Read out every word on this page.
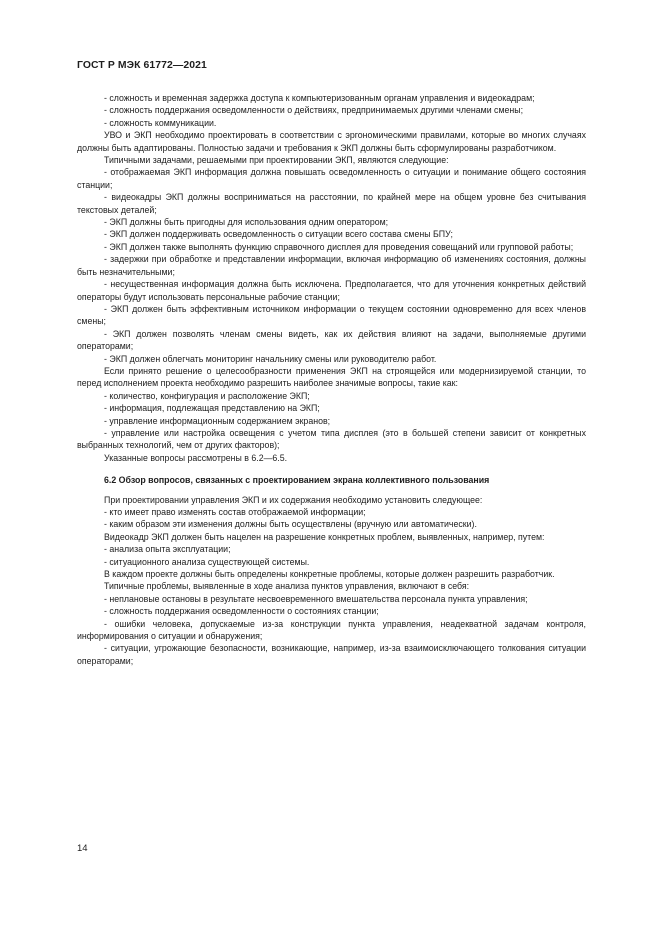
ГОСТ Р МЭК 61772—2021

- сложность и временная задержка доступа к компьютеризованным органам управления и видеокадрам;

- сложность поддержания осведомленности о действиях, предпринимаемых другими членами смены;

- сложность коммуникации.

УВО и ЭКП необходимо проектировать в соответствии с эргономическими правилами, которые во многих случаях должны быть адаптированы. Полностью задачи и требования к ЭКП должны быть сформулированы разработчиком.

Типичными задачами, решаемыми при проектировании ЭКП, являются следующие:

- отображаемая ЭКП информация должна повышать осведомленность о ситуации и понимание общего состояния станции;

- видеокадры ЭКП должны восприниматься на расстоянии, по крайней мере на общем уровне без считывания текстовых деталей;

- ЭКП должны быть пригодны для использования одним оператором;

- ЭКП должен поддерживать осведомленность о ситуации всего состава смены БПУ;

- ЭКП должен также выполнять функцию справочного дисплея для проведения совещаний или групповой работы;

- задержки при обработке и представлении информации, включая информацию об изменениях состояния, должны быть незначительными;

- несущественная информация должна быть исключена. Предполагается, что для уточнения конкретных действий операторы будут использовать персональные рабочие станции;

- ЭКП должен быть эффективным источником информации о текущем состоянии одновременно для всех членов смены;

- ЭКП должен позволять членам смены видеть, как их действия влияют на задачи, выполняемые другими операторами;

- ЭКП должен облегчать мониторинг начальнику смены или руководителю работ.

Если принято решение о целесообразности применения ЭКП на строящейся или модернизируемой станции, то перед исполнением проекта необходимо разрешить наиболее значимые вопросы, такие как:

- количество, конфигурация и расположение ЭКП;

- информация, подлежащая представлению на ЭКП;

- управление информационным содержанием экранов;

- управление или настройка освещения с учетом типа дисплея (это в большей степени зависит от конкретных выбранных технологий, чем от других факторов);

Указанные вопросы рассмотрены в 6.2—6.5.

6.2 Обзор вопросов, связанных с проектированием экрана коллективного пользования

При проектировании управления ЭКП и их содержания необходимо установить следующее:

- кто имеет право изменять состав отображаемой информации;

- каким образом эти изменения должны быть осуществлены (вручную или автоматически).

Видеокадр ЭКП должен быть нацелен на разрешение конкретных проблем, выявленных, например, путем:

- анализа опыта эксплуатации;

- ситуационного анализа существующей системы.

В каждом проекте должны быть определены конкретные проблемы, которые должен разрешить разработчик.

Типичные проблемы, выявленные в ходе анализа пунктов управления, включают в себя:

- неплановые остановы в результате несвоевременного вмешательства персонала пункта управления;

- сложность поддержания осведомленности о состояниях станции;

- ошибки человека, допускаемые из-за конструкции пункта управления, неадекватной задачам контроля, информирования о ситуации и обнаружения;

- ситуации, угрожающие безопасности, возникающие, например, из-за взаимоисключающего толкования ситуации операторами;

14
